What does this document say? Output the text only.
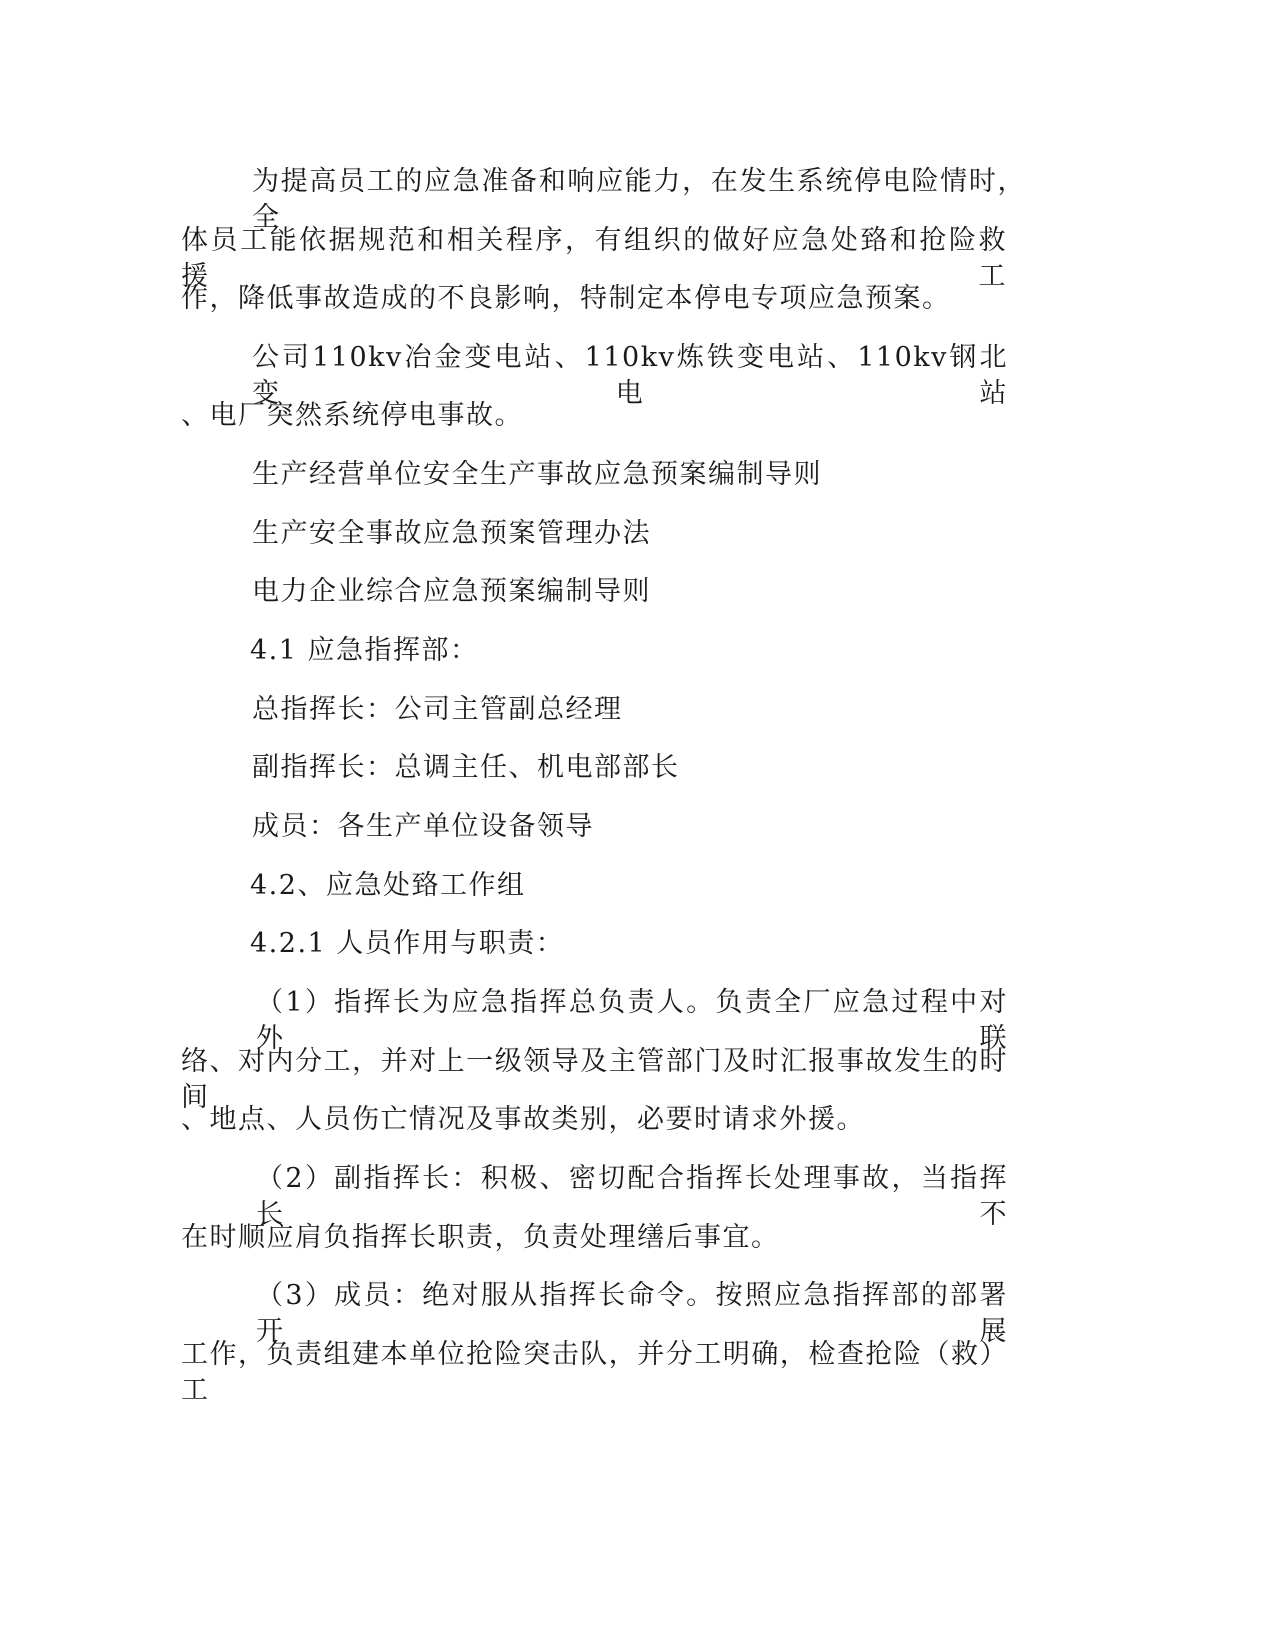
为提高员工的应急准备和响应能力，在发生系统停电险情时，全
体员工能依据规范和相关程序，有组织的做好应急处臵和抢险救援工
作，降低事故造成的不良影响，特制定本停电专项应急预案。
公司110kv冶金变电站、110kv炼铁变电站、110kv钢北变电站
、电厂突然系统停电事故。
生产经营单位安全生产事故应急预案编制导则
生产安全事故应急预案管理办法
电力企业综合应急预案编制导则
4.1 应急指挥部：
总指挥长：公司主管副总经理
副指挥长：总调主任、机电部部长
成员：各生产单位设备领导
4.2、应急处臵工作组
4.2.1 人员作用与职责：
（1）指挥长为应急指挥总负责人。负责全厂应急过程中对外联
络、对内分工，并对上一级领导及主管部门及时汇报事故发生的时间
、地点、人员伤亡情况及事故类别，必要时请求外援。
（2）副指挥长：积极、密切配合指挥长处理事故，当指挥长不
在时顺应肩负指挥长职责，负责处理缮后事宜。
（3）成员：绝对服从指挥长命令。按照应急指挥部的部署开展
工作，负责组建本单位抢险突击队，并分工明确，检查抢险（救）工
